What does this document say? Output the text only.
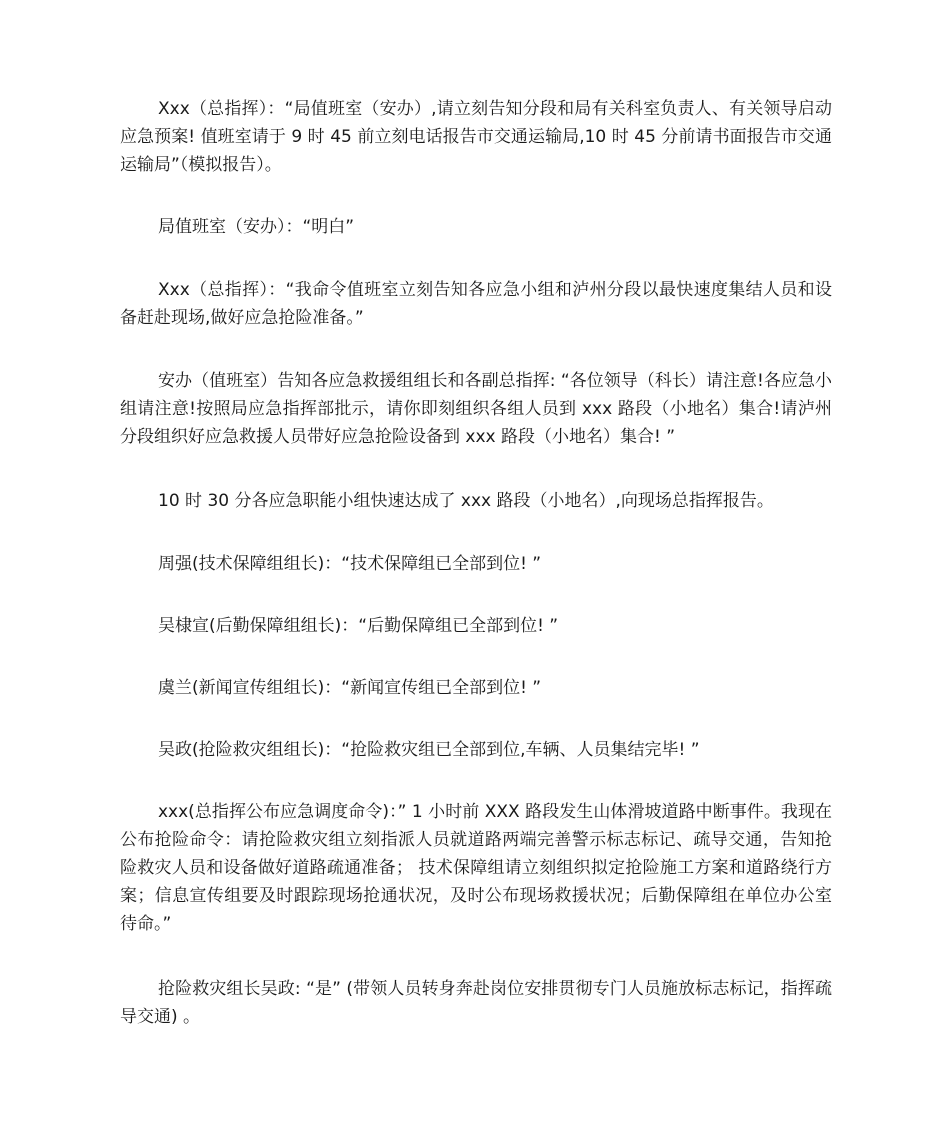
Xxx（总指挥）：“局值班室（安办）,请立刻告知分段和局有关科室负责人、有关领导启动应急预案! 值班室请于 9 时 45 前立刻电话报告市交通运输局,10 时 45 分前请书面报告市交通运输局”（模拟报告）。

局值班室（安办）：“明白”

Xxx（总指挥）：“我命令值班室立刻告知各应急小组和泸州分段以最快速度集结人员和设备赶赴现场,做好应急抢险准备。”

安办（值班室）告知各应急救援组组长和各副总指挥: “各位领导（科长）请注意!各应急小组请注意!按照局应急指挥部批示，请你即刻组织各组人员到 xxx 路段（小地名）集合!请泸州分段组织好应急救援人员带好应急抢险设备到 xxx 路段（小地名）集合! ”

10 时 30 分各应急职能小组快速达成了 xxx 路段（小地名）,向现场总指挥报告。

周强(技术保障组组长)：“技术保障组已全部到位! ”

吴棣宣(后勤保障组组长)：“后勤保障组已全部到位! ”

虞兰(新闻宣传组组长)：“新闻宣传组已全部到位! ”

吴政(抢险救灾组组长)：“抢险救灾组已全部到位,车辆、人员集结完毕! ”

xxx(总指挥公布应急调度命令)：” 1 小时前 XXX 路段发生山体滑坡道路中断事件。我现在公布抢险命令：请抢险救灾组立刻指派人员就道路两端完善警示标志标记、疏导交通，告知抢险救灾人员和设备做好道路疏通准备； 技术保障组请立刻组织拟定抢险施工方案和道路绕行方案；信息宣传组要及时跟踪现场抢通状况，及时公布现场救援状况；后勤保障组在单位办公室待命。”

抢险救灾组长吴政: “是” (带领人员转身奔赴岗位安排贯彻专门人员施放标志标记，指挥疏导交通) 。
